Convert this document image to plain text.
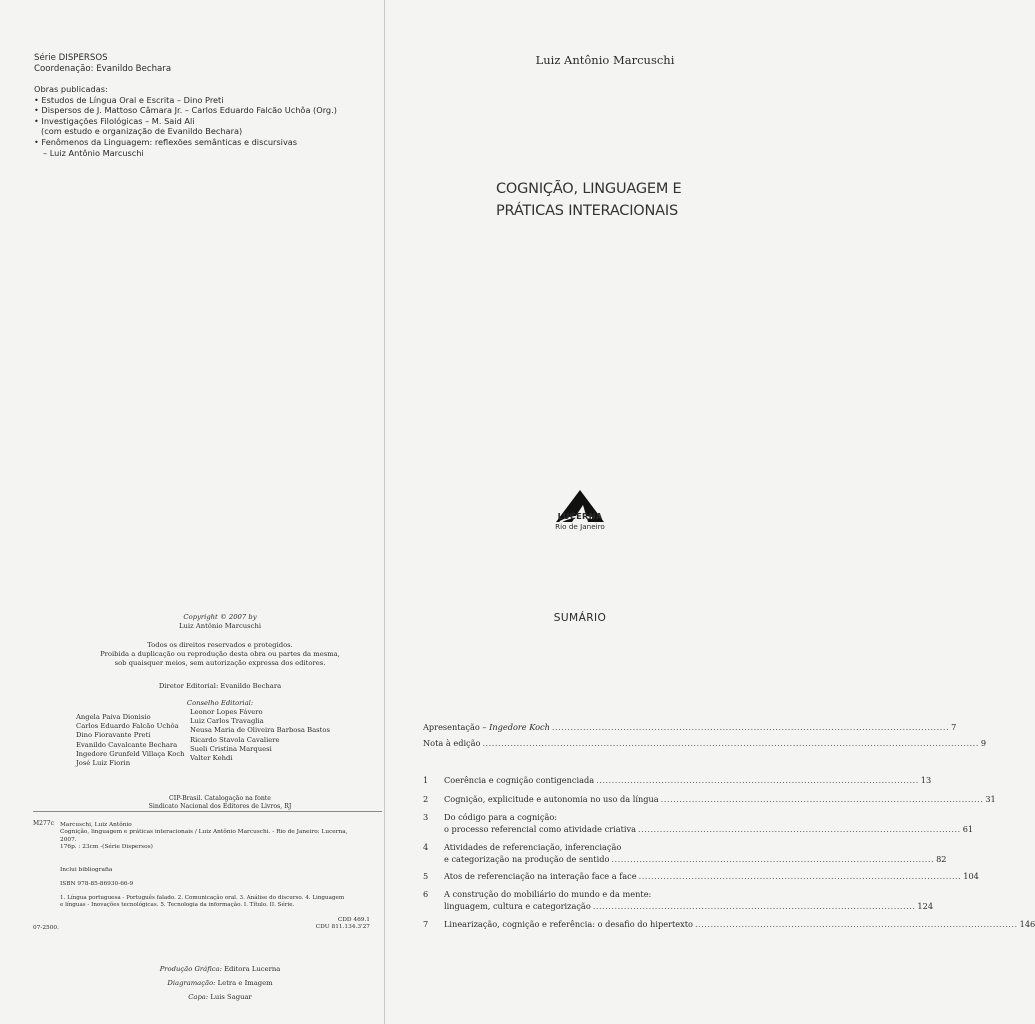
Série DISPERSOS
Coordenação: Evanildo Bechara
Obras publicadas:
• Estudos de Língua Oral e Escrita – Dino Preti
• Dispersos de J. Mattoso Câmara Jr. – Carlos Eduardo Falcão Uchôa (Org.)
• Investigações Filológicas – M. Said Ali
(com estudo e organização de Evanildo Bechara)
• Fenômenos da Linguagem: reflexões semânticas e discursivas
– Luiz Antônio Marcuschi
Copyright © 2007 by
Luiz Antônio Marcuschi
Todos os direitos reservados e protegidos.
Proibida a duplicação ou reprodução desta obra ou partes da mesma,
sob quaisquer meios, sem autorização expressa dos editores.
Diretor Editorial: Evanildo Bechara
Conselho Editorial:
Angela Paiva Dionisio
Carlos Eduardo Falcão Uchôa
Dino Fioravante Preti
Evanildo Cavalcante Bechara
Ingedore Grunfeld Villaça Koch
José Luiz Fiorin
Leonor Lopes Fávero
Luiz Carlos Travaglia
Neusa Maria de Oliveira Barbosa Bastos
Ricardo Stavola Cavaliere
Sueli Cristina Marquesi
Valter Kehdi
CIP-Brasil. Catalogação na fonte
Sindicato Nacional dos Editores de Livros, RJ
M277c Marcuschi, Luiz Antônio
Cognição, linguagem e práticas interacionais / Luiz Antônio Marcuschi. - Rio de Janeiro: Lucerna,
2007.
176p. : 23cm -(Série Dispersos)
Inclui bibliografia
ISBN 978-85-86930-66-9
1. Língua portuguesa - Português falado. 2. Comunicação oral. 3. Análise do discurso. 4. Linguagem
e línguas - Inovações tecnológicas. 5. Tecnologia da informação. I. Título. II. Série.
07-2500.
CDD 469.1
CDU 811.134.3'27
Produção Gráfica: Editora Lucerna
Diagramação: Letra e Imagem
Capa: Luis Saguar
Luiz Antônio Marcuschi
COGNIÇÃO, LINGUAGEM E
PRÁTICAS INTERACIONAIS
LUCERNA
Rio de Janeiro
SUMÁRIO
Apresentação – Ingedore Koch ................................................................................................................................ 7
Nota à edição ................................................................................................................................................................ 9
1	Coerência e cognição contigenciada ........................................................................................................ 13
2	Cognição, explicitude e autonomia no uso da língua ........................................................................................................ 31
3	Do código para a cognição:
o processo referencial como atividade criativa ........................................................................................................ 61
4	Atividades de referenciação, inferenciação
e categorização na produção de sentido ........................................................................................................ 82
5	Atos de referenciação na interação face a face ........................................................................................................ 104
6	A construção do mobiliário do mundo e da mente:
linguagem, cultura e categorização ........................................................................................................ 124
7	Linearização, cognição e referência: o desafio do hipertexto ........................................................................................................ 146
